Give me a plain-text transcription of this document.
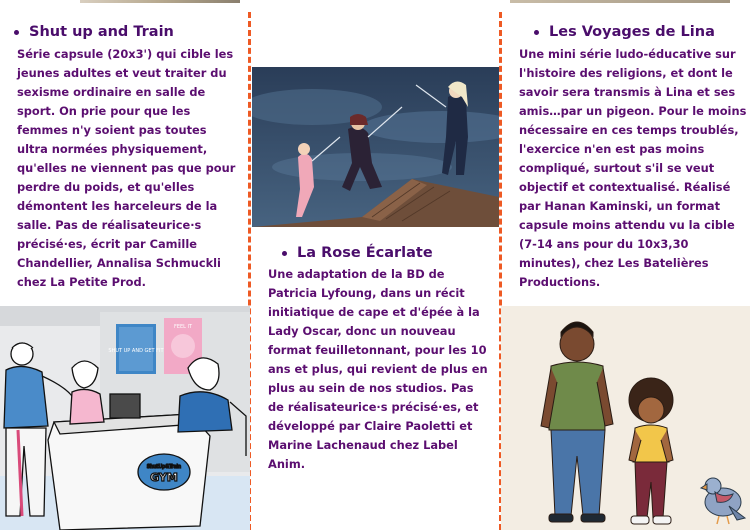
Shut up and Train

Série capsule (20x3') qui cible les jeunes adultes et veut traiter du sexisme ordinaire en salle de sport. On prie pour que les femmes n'y soient pas toutes ultra normées physiquement, qu'elles ne viennent pas que pour perdre du poids, et qu'elles démontent les harceleurs de la salle. Pas de réalisateurice·s précisé·es, écrit par Camille Chandellier, Annalisa Schmuckli chez La Petite Prod.

SHUT UP AND GET FIT
FEEL IT
ShutUp&Train
GYM
La Rose Écarlate

Une adaptation de la BD de Patricia Lyfoung, dans un récit initiatique de cape et d'épée à la Lady Oscar, donc un nouveau format feuilletonnant, pour les 10 ans et plus, qui revient de plus en plus au sein de nos studios. Pas de réalisateurice·s précisé·es, et développé par Claire Paoletti et Marine Lachenaud chez Label Anim.

Les Voyages de Lina

Une mini série ludo-éducative sur l'histoire des religions, et dont le savoir sera transmis à Lina et ses amis…par un pigeon. Pour le moins nécessaire en ces temps troublés, l'exercice n'en est pas moins compliqué, surtout s'il se veut objectif et contextualisé. Réalisé par Hanan Kaminski, un format capsule moins attendu vu la cible (7-14 ans pour du 10x3,30 minutes), chez Les Batelières Productions.
